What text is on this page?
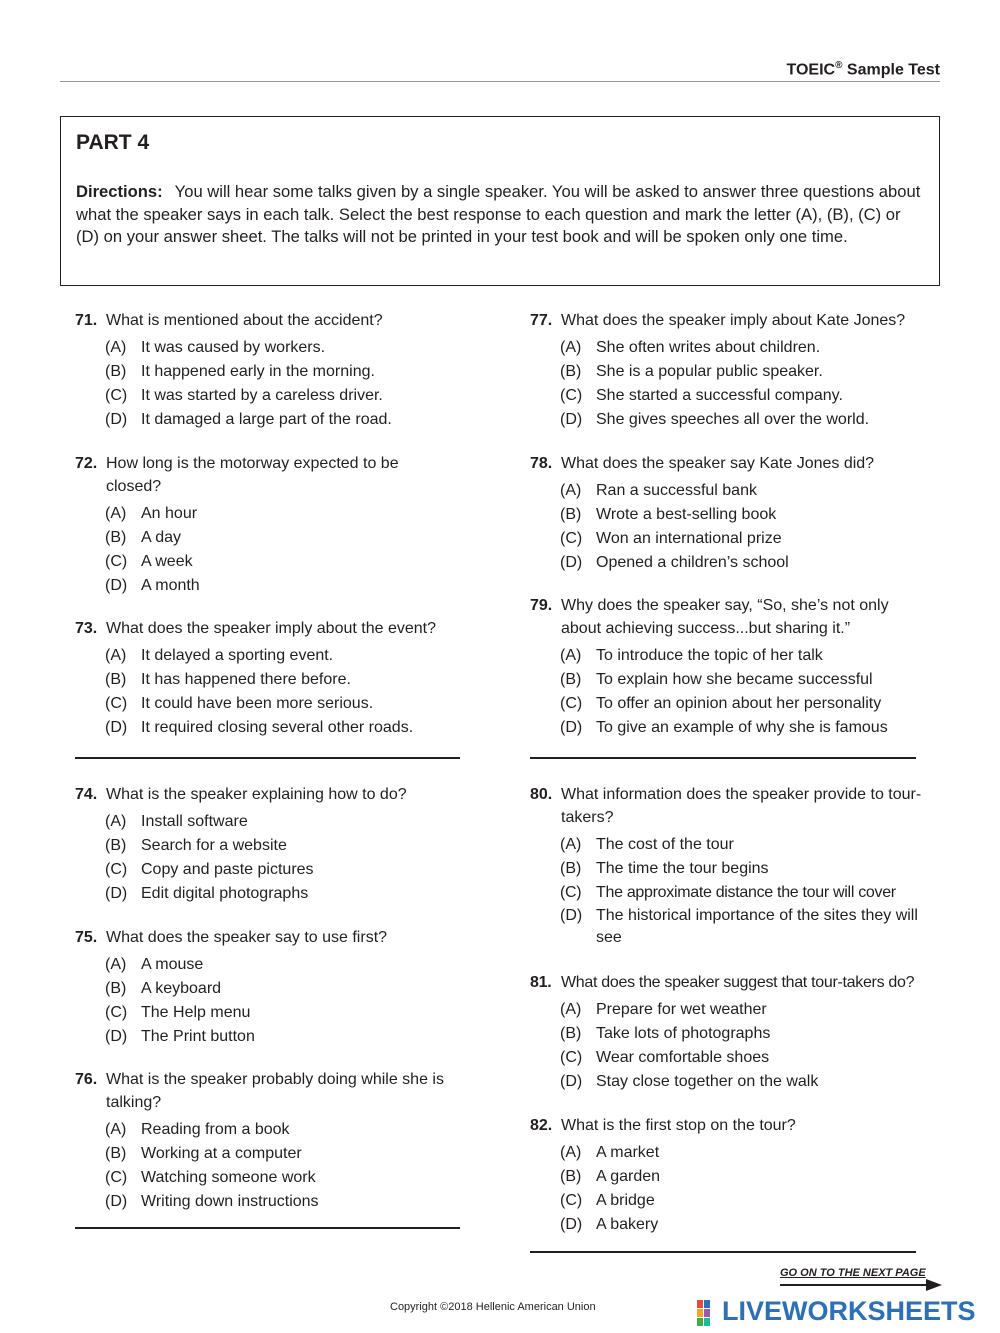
TOEIC® Sample Test
PART 4
Directions: You will hear some talks given by a single speaker. You will be asked to answer three questions about what the speaker says in each talk. Select the best response to each question and mark the letter (A), (B), (C) or (D) on your answer sheet. The talks will not be printed in your test book and will be spoken only one time.
71. What is mentioned about the accident?
(A) It was caused by workers.
(B) It happened early in the morning.
(C) It was started by a careless driver.
(D) It damaged a large part of the road.
72. How long is the motorway expected to be closed?
(A) An hour
(B) A day
(C) A week
(D) A month
73. What does the speaker imply about the event?
(A) It delayed a sporting event.
(B) It has happened there before.
(C) It could have been more serious.
(D) It required closing several other roads.
74. What is the speaker explaining how to do?
(A) Install software
(B) Search for a website
(C) Copy and paste pictures
(D) Edit digital photographs
75. What does the speaker say to use first?
(A) A mouse
(B) A keyboard
(C) The Help menu
(D) The Print button
76. What is the speaker probably doing while she is talking?
(A) Reading from a book
(B) Working at a computer
(C) Watching someone work
(D) Writing down instructions
77. What does the speaker imply about Kate Jones?
(A) She often writes about children.
(B) She is a popular public speaker.
(C) She started a successful company.
(D) She gives speeches all over the world.
78. What does the speaker say Kate Jones did?
(A) Ran a successful bank
(B) Wrote a best-selling book
(C) Won an international prize
(D) Opened a children’s school
79. Why does the speaker say, “So, she’s not only about achieving success...but sharing it.”
(A) To introduce the topic of her talk
(B) To explain how she became successful
(C) To offer an opinion about her personality
(D) To give an example of why she is famous
80. What information does the speaker provide to tour-takers?
(A) The cost of the tour
(B) The time the tour begins
(C) The approximate distance the tour will cover
(D) The historical importance of the sites they will see
81. What does the speaker suggest that tour-takers do?
(A) Prepare for wet weather
(B) Take lots of photographs
(C) Wear comfortable shoes
(D) Stay close together on the walk
82. What is the first stop on the tour?
(A) A market
(B) A garden
(C) A bridge
(D) A bakery
GO ON TO THE NEXT PAGE
Copyright ©2018 Hellenic American Union	LIVEWORKSHEETS
